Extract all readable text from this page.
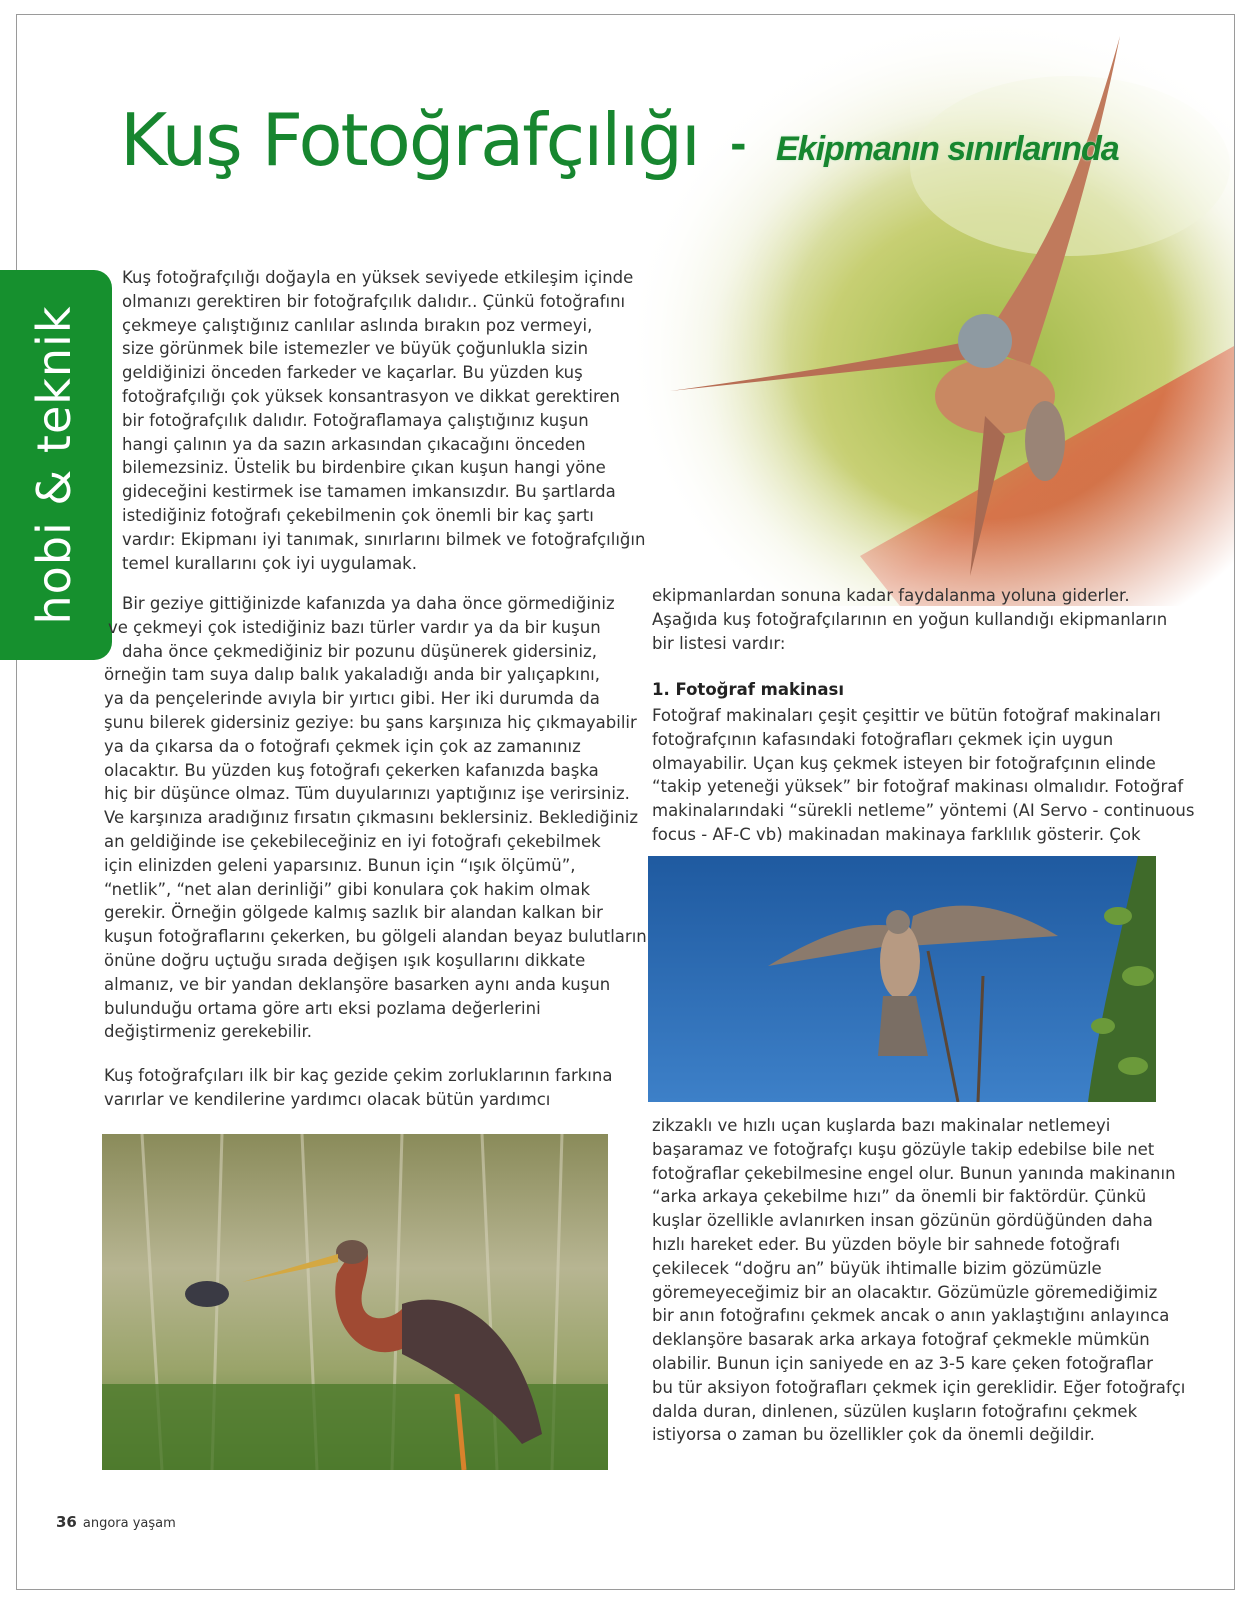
Kuş Fotoğrafçılığı - Ekipmanın sınırlarında
hobi & teknik
Kuş fotoğrafçılığı doğayla en yüksek seviyede etkileşim içinde
olmanızı gerektiren bir fotoğrafçılık dalıdır.. Çünkü fotoğrafını
çekmeye çalıştığınız canlılar aslında bırakın poz vermeyi,
size görünmek bile istemezler ve büyük çoğunlukla sizin
geldiğinizi önceden farkeder ve kaçarlar. Bu yüzden kuş
fotoğrafçılığı çok yüksek konsantrasyon ve dikkat gerektiren
bir fotoğrafçılık dalıdır. Fotoğraflamaya çalıştığınız kuşun
hangi çalının ya da sazın arkasından çıkacağını önceden
bilemezsiniz. Üstelik bu birdenbire çıkan kuşun hangi yöne
gideceğini kestirmek ise tamamen imkansızdır. Bu şartlarda
istediğiniz fotoğrafı çekebilmenin çok önemli bir kaç şartı
vardır: Ekipmanı iyi tanımak, sınırlarını bilmek ve fotoğrafçılığın
temel kurallarını çok iyi uygulamak.
Bir geziye gittiğinizde kafanızda ya daha önce görmediğiniz
ve çekmeyi çok istediğiniz bazı türler vardır ya da bir kuşun
daha önce çekmediğiniz bir pozunu düşünerek gidersiniz,
örneğin tam suya dalıp balık yakaladığı anda bir yalıçapkını,
ya da pençelerinde avıyla bir yırtıcı gibi. Her iki durumda da
şunu bilerek gidersiniz geziye: bu şans karşınıza hiç çıkmayabilir
ya da çıkarsa da o fotoğrafı çekmek için çok az zamanınız
olacaktır. Bu yüzden kuş fotoğrafı çekerken kafanızda başka
hiç bir düşünce olmaz. Tüm duyularınızı yaptığınız işe verirsiniz.
Ve karşınıza aradığınız fırsatın çıkmasını beklersiniz. Beklediğiniz
an geldiğinde ise çekebileceğiniz en iyi fotoğrafı çekebilmek
için elinizden geleni yaparsınız. Bunun için “ışık ölçümü”,
“netlik”, “net alan derinliği” gibi konulara çok hakim olmak
gerekir. Örneğin gölgede kalmış sazlık bir alandan kalkan bir
kuşun fotoğraflarını çekerken, bu gölgeli alandan beyaz bulutların
önüne doğru uçtuğu sırada değişen ışık koşullarını dikkate
almanız, ve bir yandan deklanşöre basarken aynı anda kuşun
bulunduğu ortama göre artı eksi pozlama değerlerini
değiştirmeniz gerekebilir.
Kuş fotoğrafçıları ilk bir kaç gezide çekim zorluklarının farkına
varırlar ve kendilerine yardımcı olacak bütün yardımcı
ekipmanlardan sonuna kadar faydalanma yoluna giderler.
Aşağıda kuş fotoğrafçılarının en yoğun kullandığı ekipmanların
bir listesi vardır:
1. Fotoğraf makinası
Fotoğraf makinaları çeşit çeşittir ve bütün fotoğraf makinaları
fotoğrafçının kafasındaki fotoğrafları çekmek için uygun
olmayabilir. Uçan kuş çekmek isteyen bir fotoğrafçının elinde
“takip yeteneği yüksek” bir fotoğraf makinası olmalıdır. Fotoğraf
makinalarındaki “sürekli netleme” yöntemi (AI Servo - continuous
focus - AF-C vb) makinadan makinaya farklılık gösterir. Çok
zikzaklı ve hızlı uçan kuşlarda bazı makinalar netlemeyi
başaramaz ve fotoğrafçı kuşu gözüyle takip edebilse bile net
fotoğraflar çekebilmesine engel olur. Bunun yanında makinanın
“arka arkaya çekebilme hızı” da önemli bir faktördür. Çünkü
kuşlar özellikle avlanırken insan gözünün gördüğünden daha
hızlı hareket eder. Bu yüzden böyle bir sahnede fotoğrafı
çekilecek “doğru an” büyük ihtimalle bizim gözümüzle
göremeyeceğimiz bir an olacaktır. Gözümüzle göremediğimiz
bir anın fotoğrafını çekmek ancak o anın yaklaştığını anlayınca
deklanşöre basarak arka arkaya fotoğraf çekmekle mümkün
olabilir. Bunun için saniyede en az 3-5 kare çeken fotoğraflar
bu tür aksiyon fotoğrafları çekmek için gereklidir. Eğer fotoğrafçı
dalda duran, dinlenen, süzülen kuşların fotoğrafını çekmek
istiyorsa o zaman bu özellikler çok da önemli değildir.
36 angora yaşam
